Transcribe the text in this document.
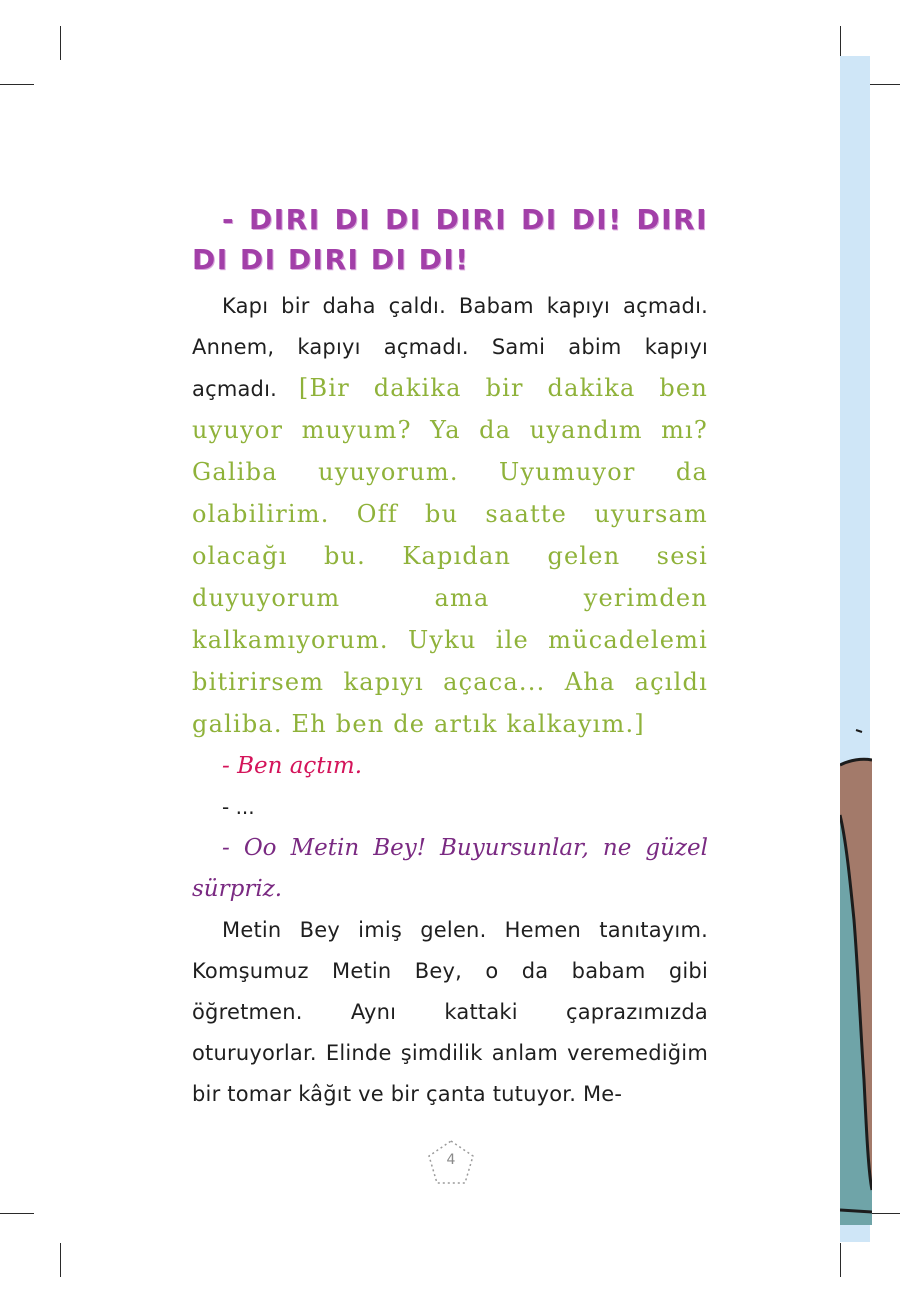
- DIRI DI DI DIRI DI DI! DIRI DI DI DIRI DI DI!

Kapı bir daha çaldı. Babam kapıyı açmadı. Annem, kapıyı açmadı. Sami abim kapıyı açmadı. [Bir dakika bir dakika ben uyuyor muyum? Ya da uyandım mı? Galiba uyuyorum. Uyumuyor da olabilirim. Off bu saatte uyursam olacağı bu. Kapıdan gelen sesi duyuyorum ama yerimden kalkamıyorum. Uyku ile mücadelemi bitirirsem kapıyı açaca... Aha açıldı galiba. Eh ben de artık kalkayım.]

- Ben açtım.

- ...

- Oo Metin Bey! Buyursunlar, ne güzel sürpriz.

Metin Bey imiş gelen. Hemen tanıtayım. Komşumuz Metin Bey, o da babam gibi öğretmen. Aynı kattaki çaprazımızda oturuyorlar. Elinde şimdilik anlam veremediğim bir tomar kâğıt ve bir çanta tutuyor. Me-

4
